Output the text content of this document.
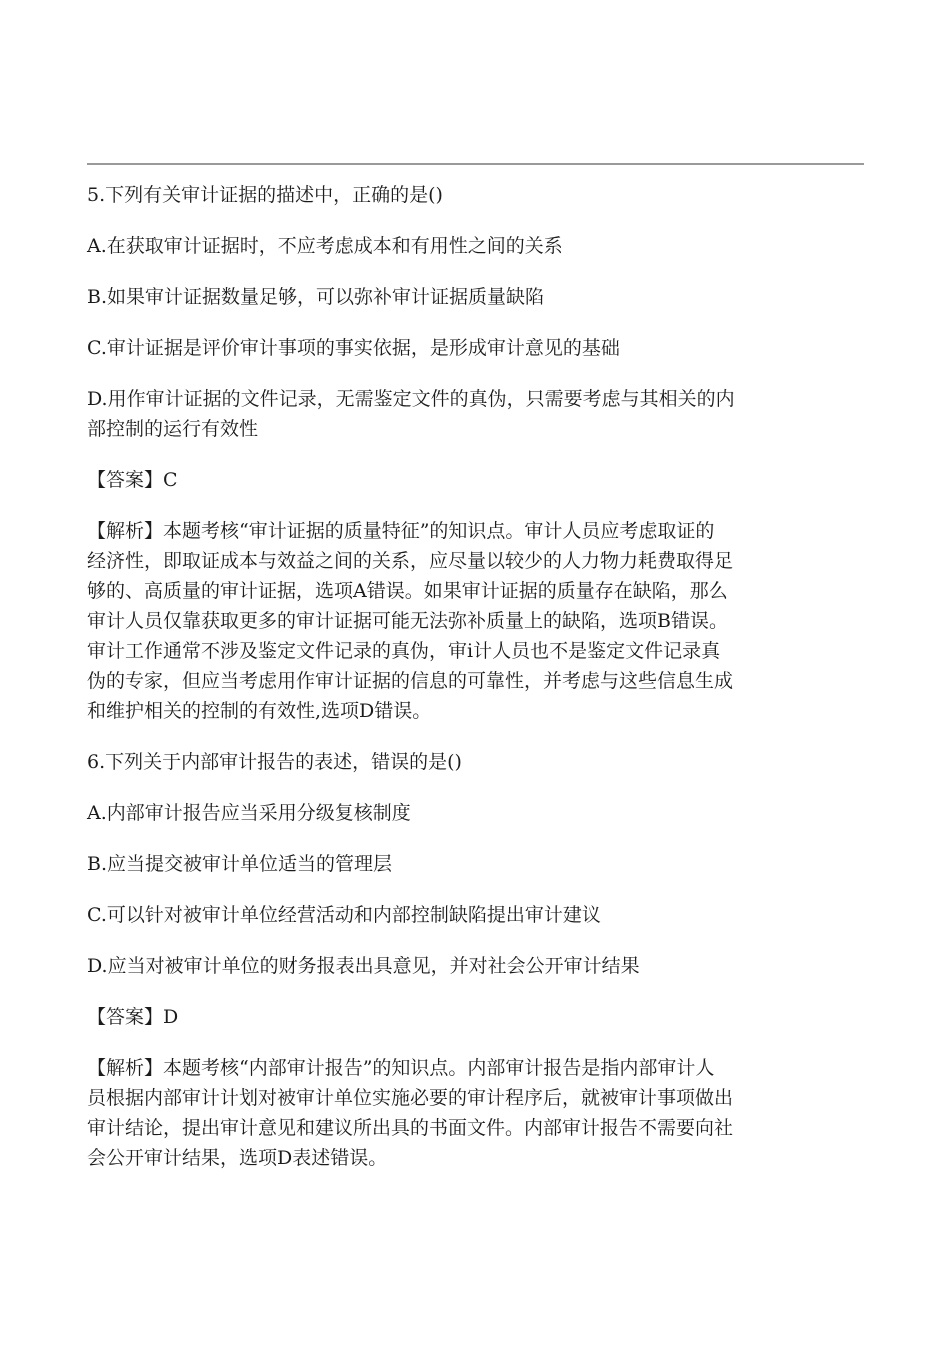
5.下列有关审计证据的描述中，正确的是()

A.在获取审计证据时，不应考虑成本和有用性之间的关系

B.如果审计证据数量足够，可以弥补审计证据质量缺陷

C.审计证据是评价审计事项的事实依据，是形成审计意见的基础

D.用作审计证据的文件记录，无需鉴定文件的真伪，只需要考虑与其相关的内

部控制的运行有效性

【答案】C

【解析】本题考核“审计证据的质量特征”的知识点。审计人员应考虑取证的

经济性，即取证成本与效益之间的关系，应尽量以较少的人力物力耗费取得足

够的、高质量的审计证据，选项A错误。如果审计证据的质量存在缺陷，那么

审计人员仅靠获取更多的审计证据可能无法弥补质量上的缺陷，选项B错误。

审计工作通常不涉及鉴定文件记录的真伪，审i计人员也不是鉴定文件记录真

伪的专家，但应当考虑用作审计证据的信息的可靠性，并考虑与这些信息生成

和维护相关的控制的有效性,选项D错误。

6.下列关于内部审计报告的表述，错误的是()

A.内部审计报告应当采用分级复核制度

B.应当提交被审计单位适当的管理层

C.可以针对被审计单位经营活动和内部控制缺陷提出审计建议

D.应当对被审计单位的财务报表出具意见，并对社会公开审计结果

【答案】D

【解析】本题考核“内部审计报告”的知识点。内部审计报告是指内部审计人

员根据内部审计计划对被审计单位实施必要的审计程序后，就被审计事项做出

审计结论，提出审计意见和建议所出具的书面文件。内部审计报告不需要向社

会公开审计结果，选项D表述错误。
